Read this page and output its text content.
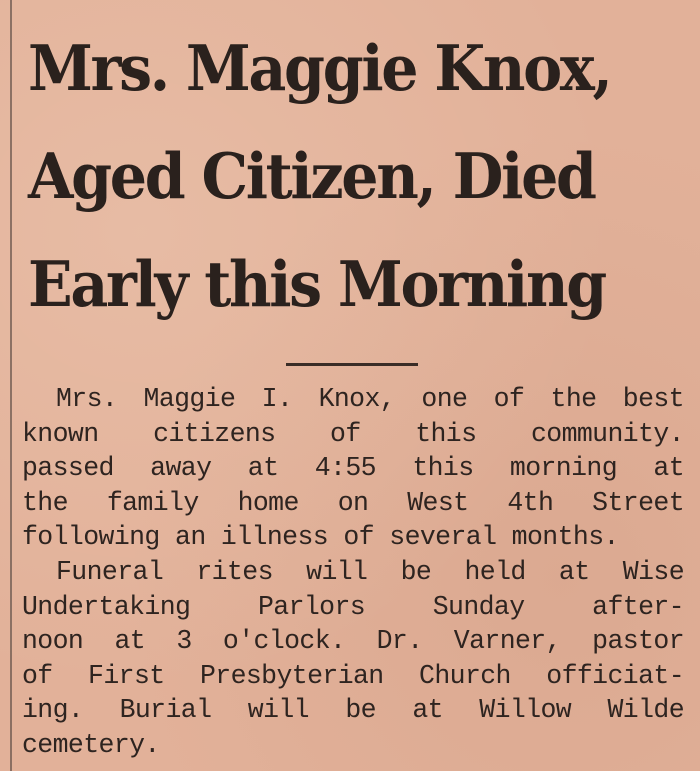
Mrs. Maggie Knox,
Aged Citizen, Died
Early this Morning
Mrs. Maggie I. Knox, one of the best
known citizens of this community.
passed away at 4:55 this morning at
the family home on West 4th Street
following an illness of several months.
Funeral rites will be held at Wise
Undertaking Parlors Sunday after-
noon at 3 o'clock. Dr. Varner, pastor
of First Presbyterian Church officiat-
ing. Burial will be at Willow Wilde
cemetery.
